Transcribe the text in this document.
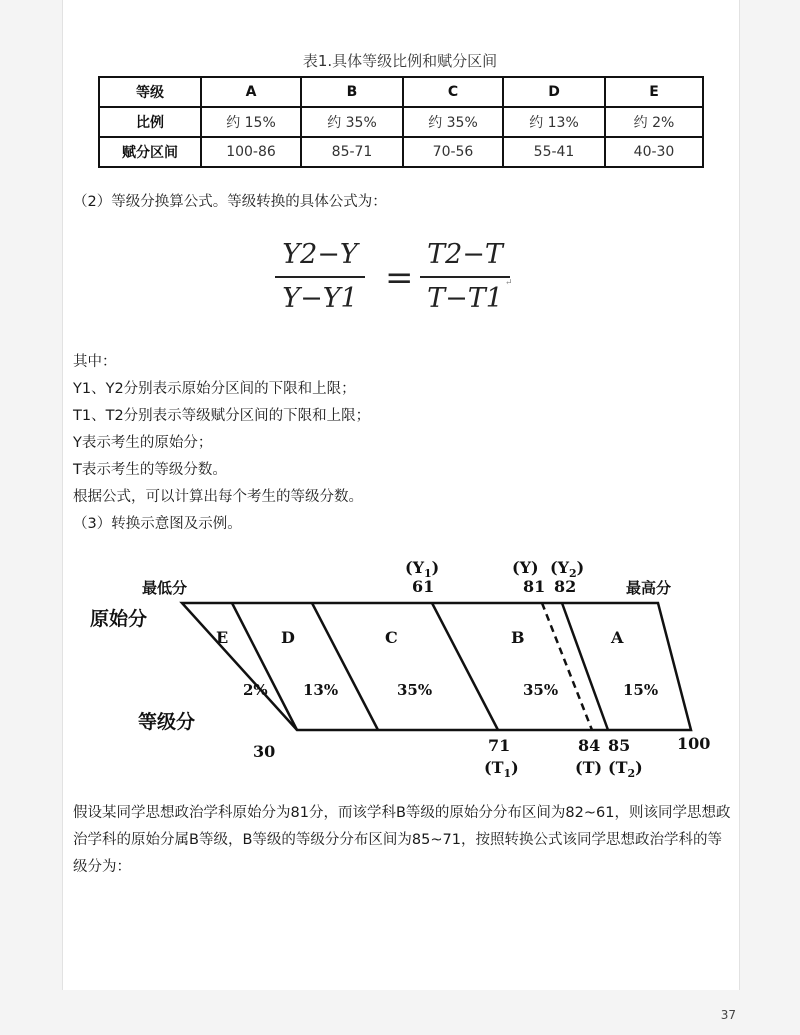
表1.具体等级比例和赋分区间
等级	A	B	C	D	E
比例	约 15%	约 35%	约 35%	约 13%	约 2%
赋分区间	100-86	85-71	70-56	55-41	40-30
（2）等级分换算公式。等级转换的具体公式为：
Y2−Y
Y−Y1
=
T2−T
T−T1 ↵
其中：
Y1、Y2分别表示原始分区间的下限和上限；
T1、T2分别表示等级赋分区间的下限和上限；
Y表示考生的原始分；
T表示考生的等级分数。
根据公式，可以计算出每个考生的等级分数。
（3）转换示意图及示例。
原始分
等级分
最低分	最高分
$(Y_1)$
61
(Y)
81
$(Y_2)$
82
E	D	C	B	A
2% 13%	35%	35%	15%
30	71	84 85	100
$(T_1)$	(T) $(T_2)$
假设某同学思想政治学科原始分为81分，而该学科B等级的原始分分布区间为82~61，则该同学思想政治学科的原始分属B等级，B等级的等级分分布区间为85~71，按照转换公式该同学思想政治学科的等级分为：
37
